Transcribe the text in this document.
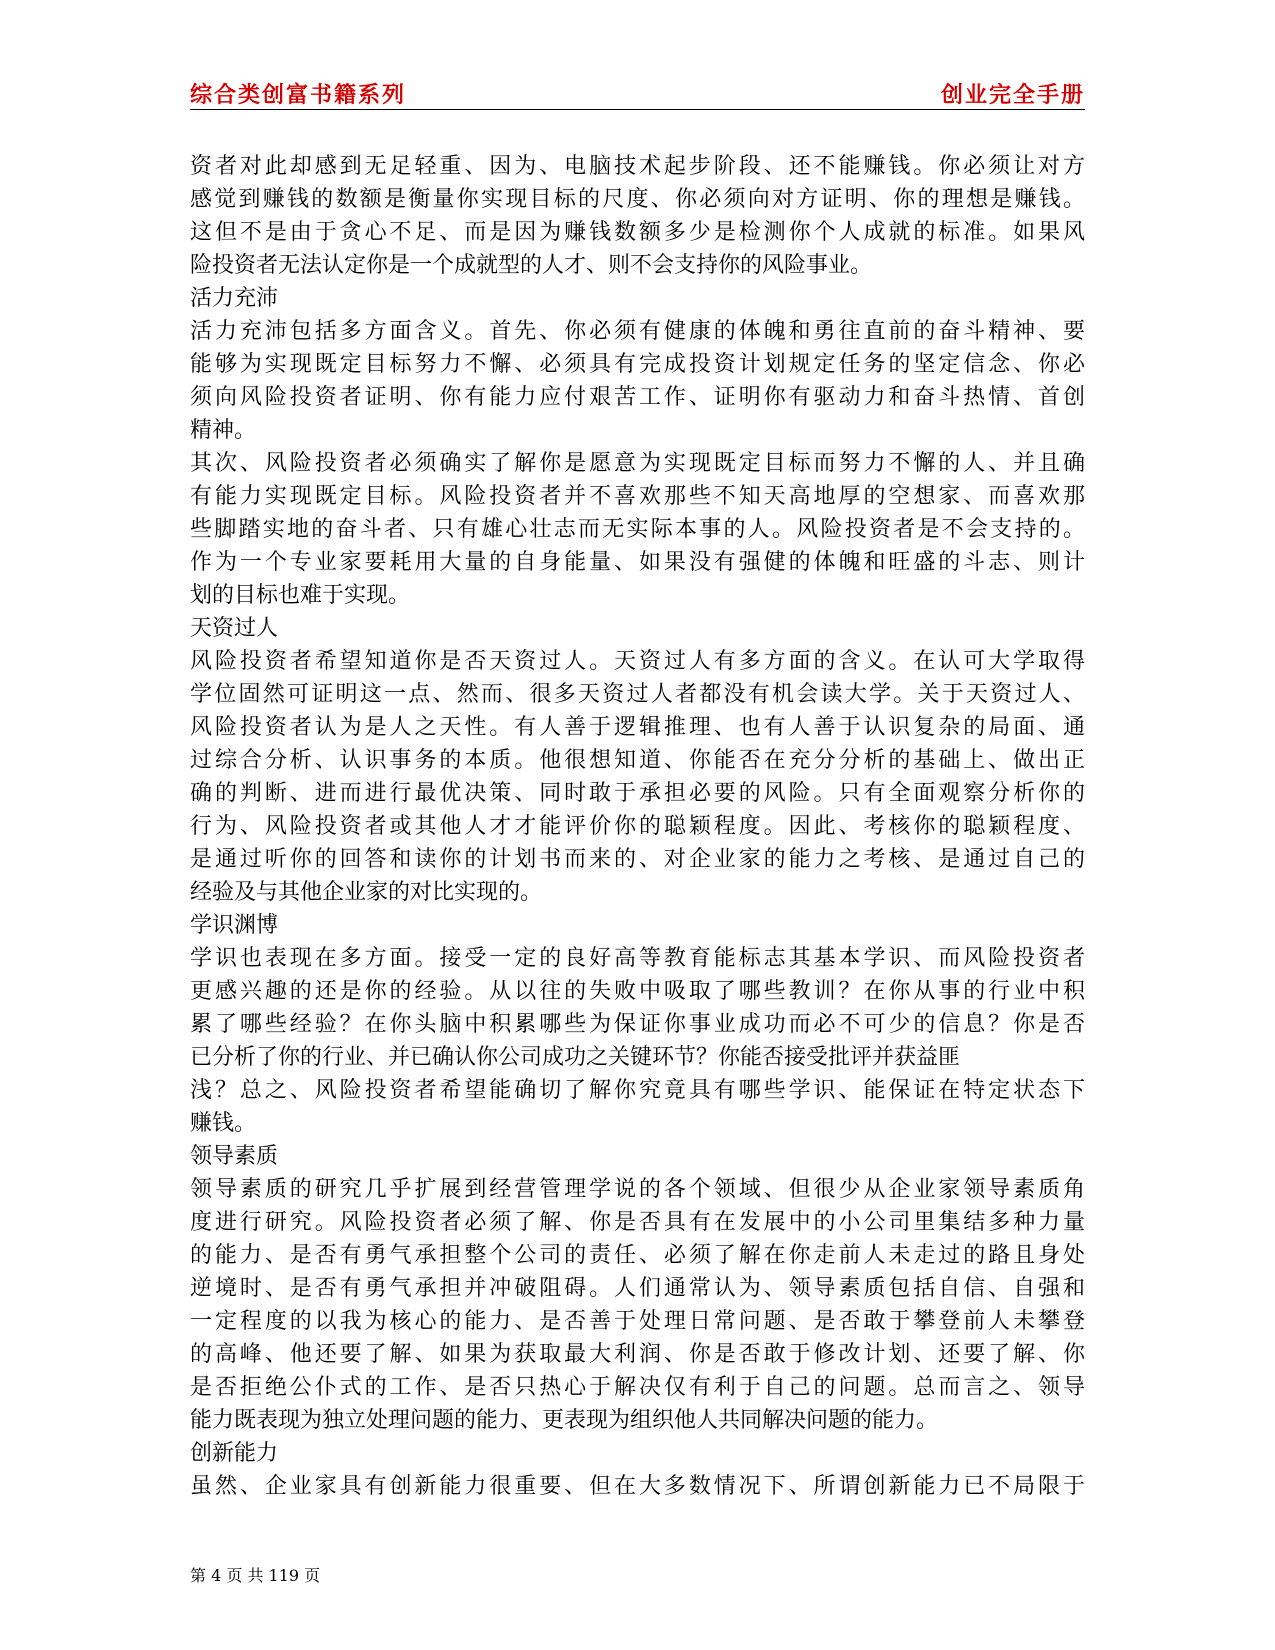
综合类创富书籍系列	创业完全手册
资者对此却感到无足轻重、因为、电脑技术起步阶段、还不能赚钱。你必须让对方
感觉到赚钱的数额是衡量你实现目标的尺度、你必须向对方证明、你的理想是赚钱。
这但不是由于贪心不足、而是因为赚钱数额多少是检测你个人成就的标准。如果风
险投资者无法认定你是一个成就型的人才、则不会支持你的风险事业。
活力充沛
活力充沛包括多方面含义。首先、你必须有健康的体魄和勇往直前的奋斗精神、要
能够为实现既定目标努力不懈、必须具有完成投资计划规定任务的坚定信念、你必
须向风险投资者证明、你有能力应付艰苦工作、证明你有驱动力和奋斗热情、首创
精神。
其次、风险投资者必须确实了解你是愿意为实现既定目标而努力不懈的人、并且确
有能力实现既定目标。风险投资者并不喜欢那些不知天高地厚的空想家、而喜欢那
些脚踏实地的奋斗者、只有雄心壮志而无实际本事的人。风险投资者是不会支持的。
作为一个专业家要耗用大量的自身能量、如果没有强健的体魄和旺盛的斗志、则计
划的目标也难于实现。
天资过人
风险投资者希望知道你是否天资过人。天资过人有多方面的含义。在认可大学取得
学位固然可证明这一点、然而、很多天资过人者都没有机会读大学。关于天资过人、
风险投资者认为是人之天性。有人善于逻辑推理、也有人善于认识复杂的局面、通
过综合分析、认识事务的本质。他很想知道、你能否在充分分析的基础上、做出正
确的判断、进而进行最优决策、同时敢于承担必要的风险。只有全面观察分析你的
行为、风险投资者或其他人才才能评价你的聪颖程度。因此、考核你的聪颖程度、
是通过听你的回答和读你的计划书而来的、对企业家的能力之考核、是通过自己的
经验及与其他企业家的对比实现的。
学识渊博
学识也表现在多方面。接受一定的良好高等教育能标志其基本学识、而风险投资者
更感兴趣的还是你的经验。从以往的失败中吸取了哪些教训？在你从事的行业中积
累了哪些经验？在你头脑中积累哪些为保证你事业成功而必不可少的信息？你是否
已分析了你的行业、并已确认你公司成功之关键环节？你能否接受批评并获益匪
浅？总之、风险投资者希望能确切了解你究竟具有哪些学识、能保证在特定状态下
赚钱。
领导素质
领导素质的研究几乎扩展到经营管理学说的各个领域、但很少从企业家领导素质角
度进行研究。风险投资者必须了解、你是否具有在发展中的小公司里集结多种力量
的能力、是否有勇气承担整个公司的责任、必须了解在你走前人未走过的路且身处
逆境时、是否有勇气承担并冲破阻碍。人们通常认为、领导素质包括自信、自强和
一定程度的以我为核心的能力、是否善于处理日常问题、是否敢于攀登前人未攀登
的高峰、他还要了解、如果为获取最大利润、你是否敢于修改计划、还要了解、你
是否拒绝公仆式的工作、是否只热心于解决仅有利于自己的问题。总而言之、领导
能力既表现为独立处理问题的能力、更表现为组织他人共同解决问题的能力。
创新能力
虽然、企业家具有创新能力很重要、但在大多数情况下、所谓创新能力已不局限于
第 4 页 共 119 页
